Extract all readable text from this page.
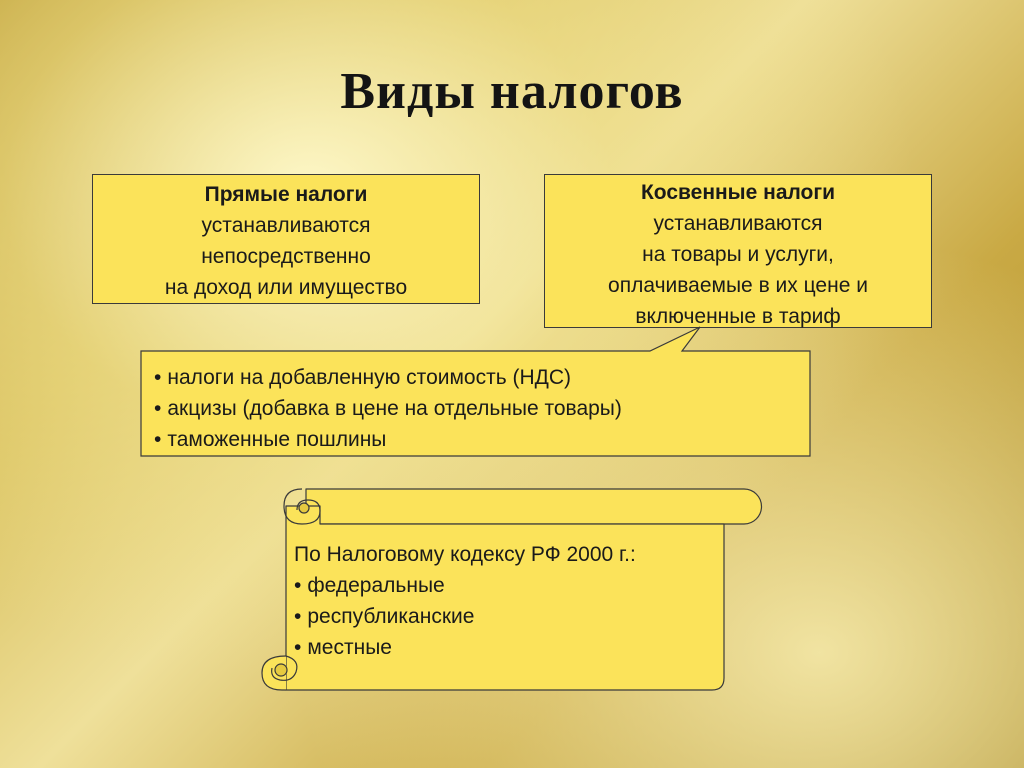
Виды налогов
Прямые налоги
устанавливаются
непосредственно
на доход или имущество
Косвенные налоги
устанавливаются
на товары и услуги,
оплачиваемые в их цене и
включенные в тариф
• налоги на добавленную стоимость (НДС)
• акцизы (добавка в цене на отдельные товары)
• таможенные пошлины
По Налоговому кодексу РФ 2000 г.:
• федеральные
• республиканские
• местные
